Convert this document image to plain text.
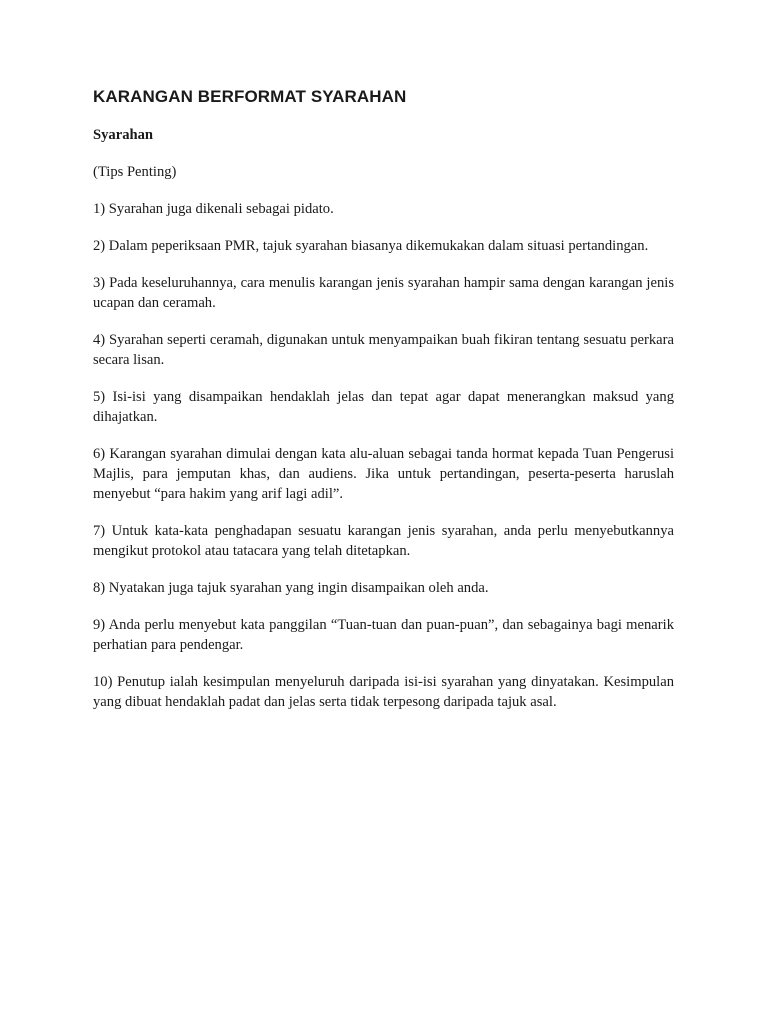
KARANGAN BERFORMAT SYARAHAN
Syarahan

(Tips Penting)

1) Syarahan juga dikenali sebagai pidato.

2) Dalam peperiksaan PMR, tajuk syarahan biasanya dikemukakan dalam situasi pertandingan.

3) Pada keseluruhannya, cara menulis karangan jenis syarahan hampir sama dengan karangan jenis ucapan dan ceramah.

4) Syarahan seperti ceramah, digunakan untuk menyampaikan buah fikiran tentang sesuatu perkara secara lisan.

5) Isi-isi yang disampaikan hendaklah jelas dan tepat agar dapat menerangkan maksud yang dihajatkan.

6) Karangan syarahan dimulai dengan kata alu-aluan sebagai tanda hormat kepada Tuan Pengerusi Majlis, para jemputan khas, dan audiens. Jika untuk pertandingan, peserta-peserta haruslah menyebut “para hakim yang arif lagi adil”.

7) Untuk kata-kata penghadapan sesuatu karangan jenis syarahan, anda perlu menyebutkannya mengikut protokol atau tatacara yang telah ditetapkan.

8) Nyatakan juga tajuk syarahan yang ingin disampaikan oleh anda.

9) Anda perlu menyebut kata panggilan “Tuan-tuan dan puan-puan”, dan sebagainya bagi menarik perhatian para pendengar.

10) Penutup ialah kesimpulan menyeluruh daripada isi-isi syarahan yang dinyatakan. Kesimpulan yang dibuat hendaklah padat dan jelas serta tidak terpesong daripada tajuk asal.
